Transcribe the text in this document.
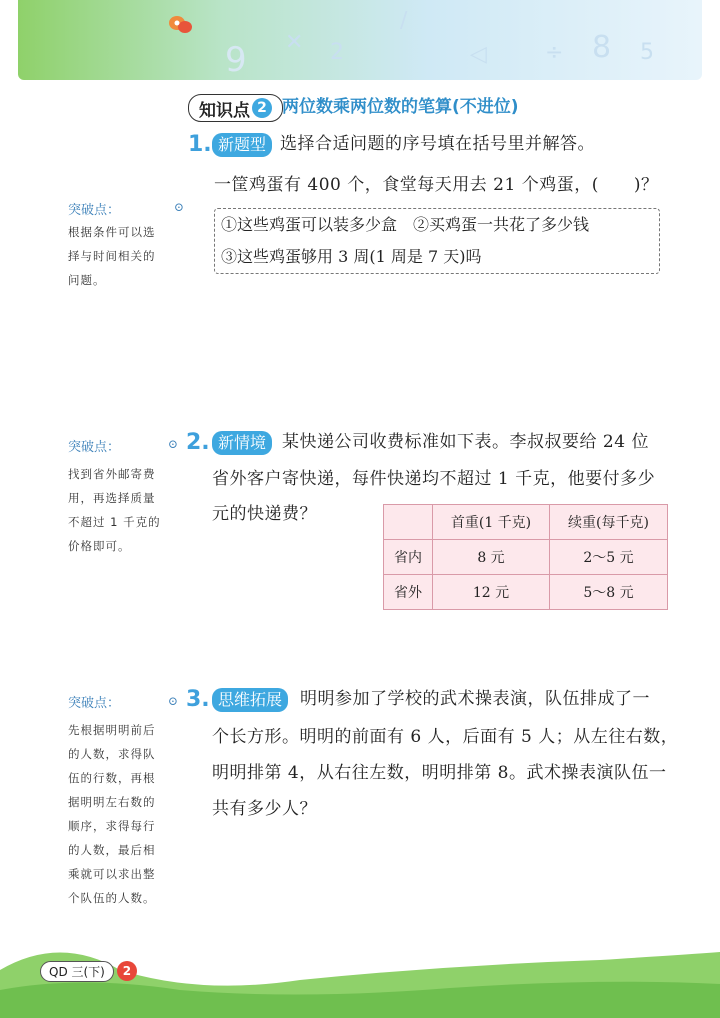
9 ✕ 2
∕
◁	÷ 8 5
知识点 2 两位数乘两位数的笔算(不进位)
1. 新题型 选择合适问题的序号填在括号里并解答。
一筐鸡蛋有 400 个，食堂每天用去 21 个鸡蛋，(　　)？
突破点：	⊙
根据条件可以选
择与时间相关的
问题。
①这些鸡蛋可以装多少盒　②买鸡蛋一共花了多少钱
③这些鸡蛋够用 3 周(1 周是 7 天)吗
突破点：	⊙
找到省外邮寄费
用，再选择质量
不超过 1 千克的
价格即可。
2. 新情境 某快递公司收费标准如下表。李叔叔要给 24 位
省外客户寄快递，每件快递均不超过 1 千克，他要付多少
元的快递费？
		首重(1 千克)	续重(每千克)
省内	8 元	2～5 元
省外	12 元	5～8 元
突破点：	⊙
先根据明明前后
的人数，求得队
伍的行数，再根
据明明左右数的
顺序，求得每行
的人数，最后相
乘就可以求出整
个队伍的人数。
3. 思维拓展	明明参加了学校的武术操表演，队伍排成了一
个长方形。明明的前面有 6 人，后面有 5 人；从左往右数，
明明排第 4，从右往左数，明明排第 8。武术操表演队伍一
共有多少人？
QD 三(下)	2
